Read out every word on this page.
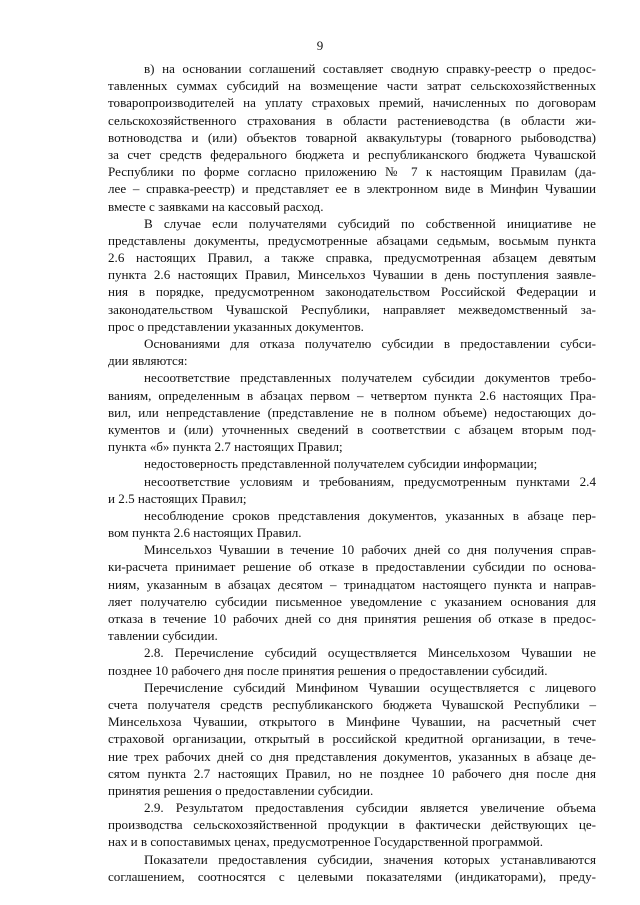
9
в) на основании соглашений составляет сводную справку-реестр о предос-
тавленных суммах субсидий на возмещение части затрат сельскохозяйственных
товаропроизводителей на уплату страховых премий, начисленных по договорам
сельскохозяйственного страхования в области растениеводства (в области жи-
вотноводства и (или) объектов товарной аквакультуры (товарного рыбоводства)
за счет средств федерального бюджета и республиканского бюджета Чувашской
Республики по форме согласно приложению № 7 к настоящим Правилам (да-
лее – справка-реестр) и представляет ее в электронном виде в Минфин Чувашии
вместе с заявками на кассовый расход.
В случае если получателями субсидий по собственной инициативе не
представлены документы, предусмотренные абзацами седьмым, восьмым пункта
2.6 настоящих Правил, а также справка, предусмотренная абзацем девятым
пункта 2.6 настоящих Правил, Минсельхоз Чувашии в день поступления заявле-
ния в порядке, предусмотренном законодательством Российской Федерации и
законодательством Чувашской Республики, направляет межведомственный за-
прос о представлении указанных документов.
Основаниями для отказа получателю субсидии в предоставлении субси-
дии являются:
несоответствие представленных получателем субсидии документов требо-
ваниям, определенным в абзацах первом – четвертом пункта 2.6 настоящих Пра-
вил, или непредставление (представление не в полном объеме) недостающих до-
кументов и (или) уточненных сведений в соответствии с абзацем вторым под-
пункта «б» пункта 2.7 настоящих Правил;
недостоверность представленной получателем субсидии информации;
несоответствие условиям и требованиям, предусмотренным пунктами 2.4
и 2.5 настоящих Правил;
несоблюдение сроков представления документов, указанных в абзаце пер-
вом пункта 2.6 настоящих Правил.
Минсельхоз Чувашии в течение 10 рабочих дней со дня получения справ-
ки-расчета принимает решение об отказе в предоставлении субсидии по основа-
ниям, указанным в абзацах десятом – тринадцатом настоящего пункта и направ-
ляет получателю субсидии письменное уведомление с указанием основания для
отказа в течение 10 рабочих дней со дня принятия решения об отказе в предос-
тавлении субсидии.
2.8. Перечисление субсидий осуществляется Минсельхозом Чувашии не
позднее 10 рабочего дня после принятия решения о предоставлении субсидий.
Перечисление субсидий Минфином Чувашии осуществляется с лицевого
счета получателя средств республиканского бюджета Чувашской Республики –
Минсельхоза Чувашии, открытого в Минфине Чувашии, на расчетный счет
страховой организации, открытый в российской кредитной организации, в тече-
ние трех рабочих дней со дня представления документов, указанных в абзаце де-
сятом пункта 2.7 настоящих Правил, но не позднее 10 рабочего дня после дня
принятия решения о предоставлении субсидии.
2.9. Результатом предоставления субсидии является увеличение объема
производства сельскохозяйственной продукции в фактически действующих це-
нах и в сопоставимых ценах, предусмотренное Государственной программой.
Показатели предоставления субсидии, значения которых устанавливаются
соглашением, соотносятся с целевыми показателями (индикаторами), преду-
